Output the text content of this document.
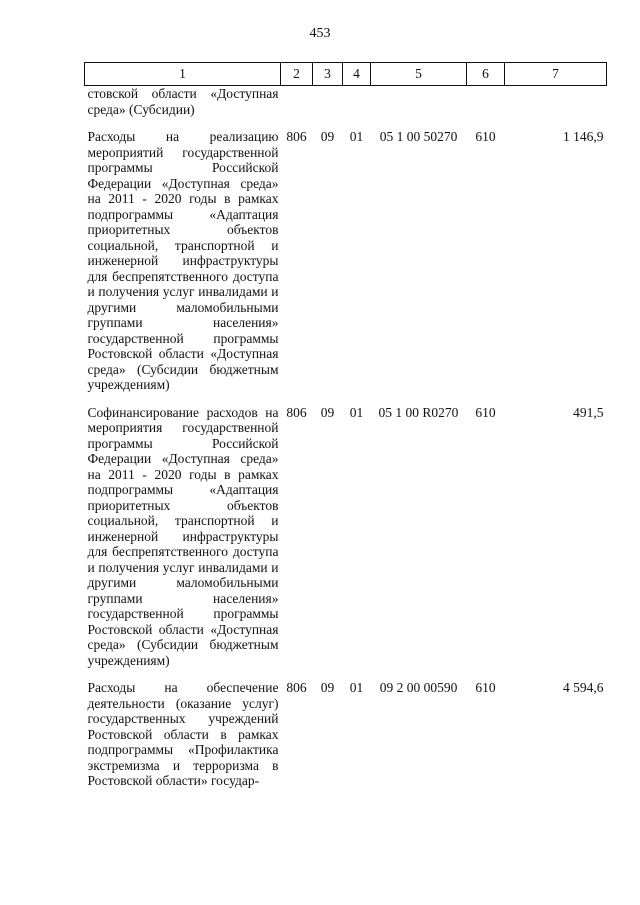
453
1	2	3	4	5	6	7
стовской области «Доступная среда» (Субсидии)						
Расходы на реализацию мероприятий государственной программы Российской Федерации «Доступная среда» на 2011 - 2020 годы в рамках подпрограммы «Адаптация приоритетных объектов социальной, транспортной и инженерной инфраструктуры для беспрепятственного доступа и получения услуг инвалидами и другими маломобильными группами населения» государственной программы Ростовской области «Доступная среда» (Субсидии бюджетным учреждениям)	806	09	01	05 1 00 50270	610	1 146,9
Софинансирование расходов на мероприятия государственной программы Российской Федерации «Доступная среда» на 2011 - 2020 годы в рамках подпрограммы «Адаптация приоритетных объектов социальной, транспортной и инженерной инфраструктуры для беспрепятственного доступа и получения услуг инвалидами и другими маломобильными группами населения» государственной программы Ростовской области «Доступная среда» (Субсидии бюджетным учреждениям)	806	09	01	05 1 00 R0270	610	491,5
Расходы на обеспечение деятельности (оказание услуг) государственных учреждений Ростовской области в рамках подпрограммы «Профилактика экстремизма и терроризма в Ростовской области» государ-	806	09	01	09 2 00 00590	610	4 594,6
